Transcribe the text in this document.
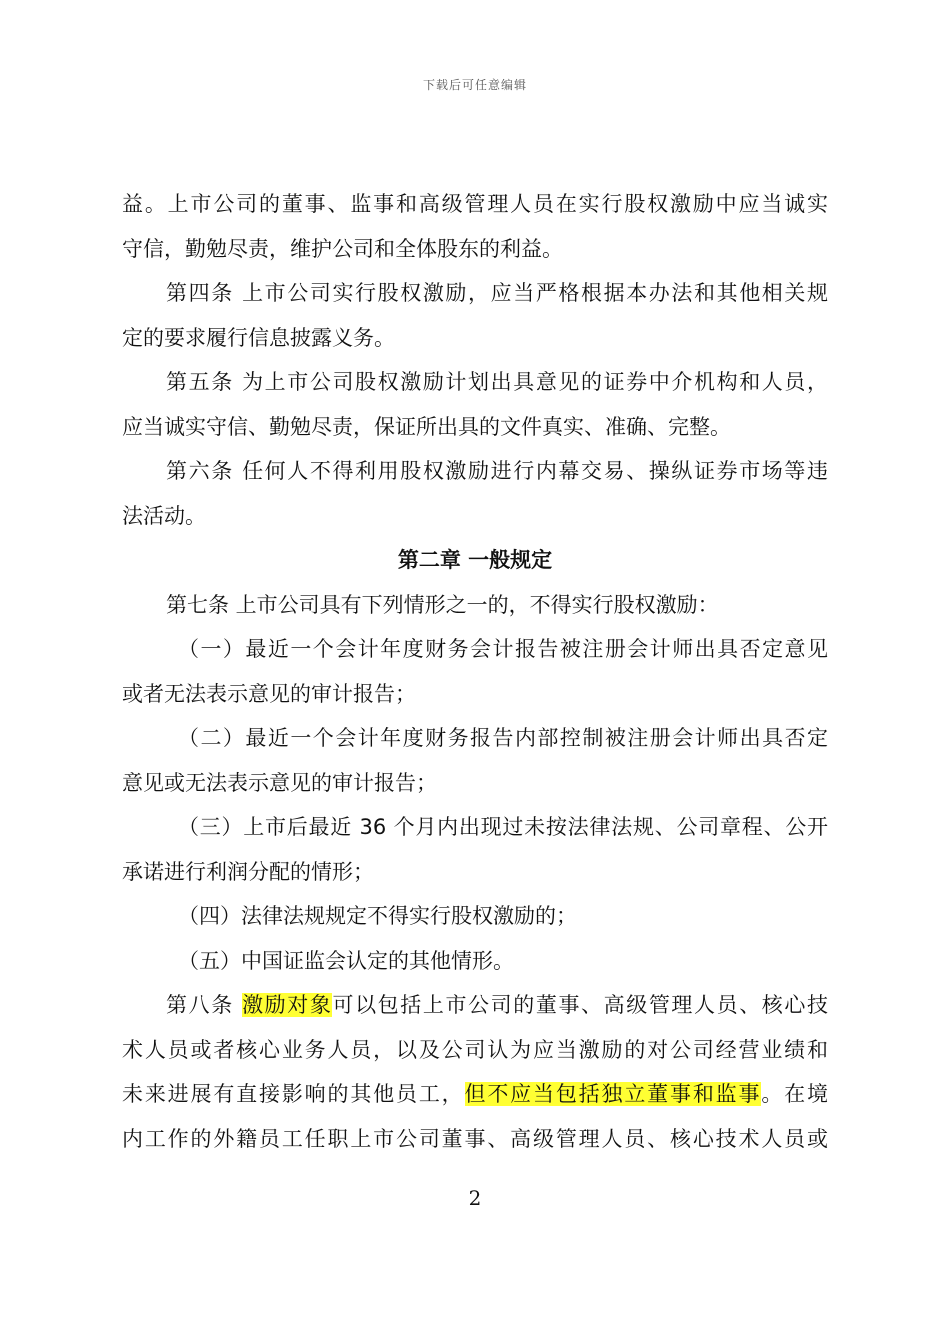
下载后可任意编辑
益。上市公司的董事、监事和高级管理人员在实行股权激励中应当诚实
守信，勤勉尽责，维护公司和全体股东的利益。
第四条 上市公司实行股权激励，应当严格根据本办法和其他相关规
定的要求履行信息披露义务。
第五条 为上市公司股权激励计划出具意见的证券中介机构和人员，
应当诚实守信、勤勉尽责，保证所出具的文件真实、准确、完整。
第六条 任何人不得利用股权激励进行内幕交易、操纵证券市场等违
法活动。
第二章 一般规定
第七条 上市公司具有下列情形之一的，不得实行股权激励：
（一）最近一个会计年度财务会计报告被注册会计师出具否定意见
或者无法表示意见的审计报告；
（二）最近一个会计年度财务报告内部控制被注册会计师出具否定
意见或无法表示意见的审计报告；
（三）上市后最近 36 个月内出现过未按法律法规、公司章程、公开
承诺进行利润分配的情形；
（四）法律法规规定不得实行股权激励的；
（五）中国证监会认定的其他情形。
第八条 激励对象可以包括上市公司的董事、高级管理人员、核心技
术人员或者核心业务人员，以及公司认为应当激励的对公司经营业绩和
未来进展有直接影响的其他员工，但不应当包括独立董事和监事。在境
内工作的外籍员工任职上市公司董事、高级管理人员、核心技术人员或
2
